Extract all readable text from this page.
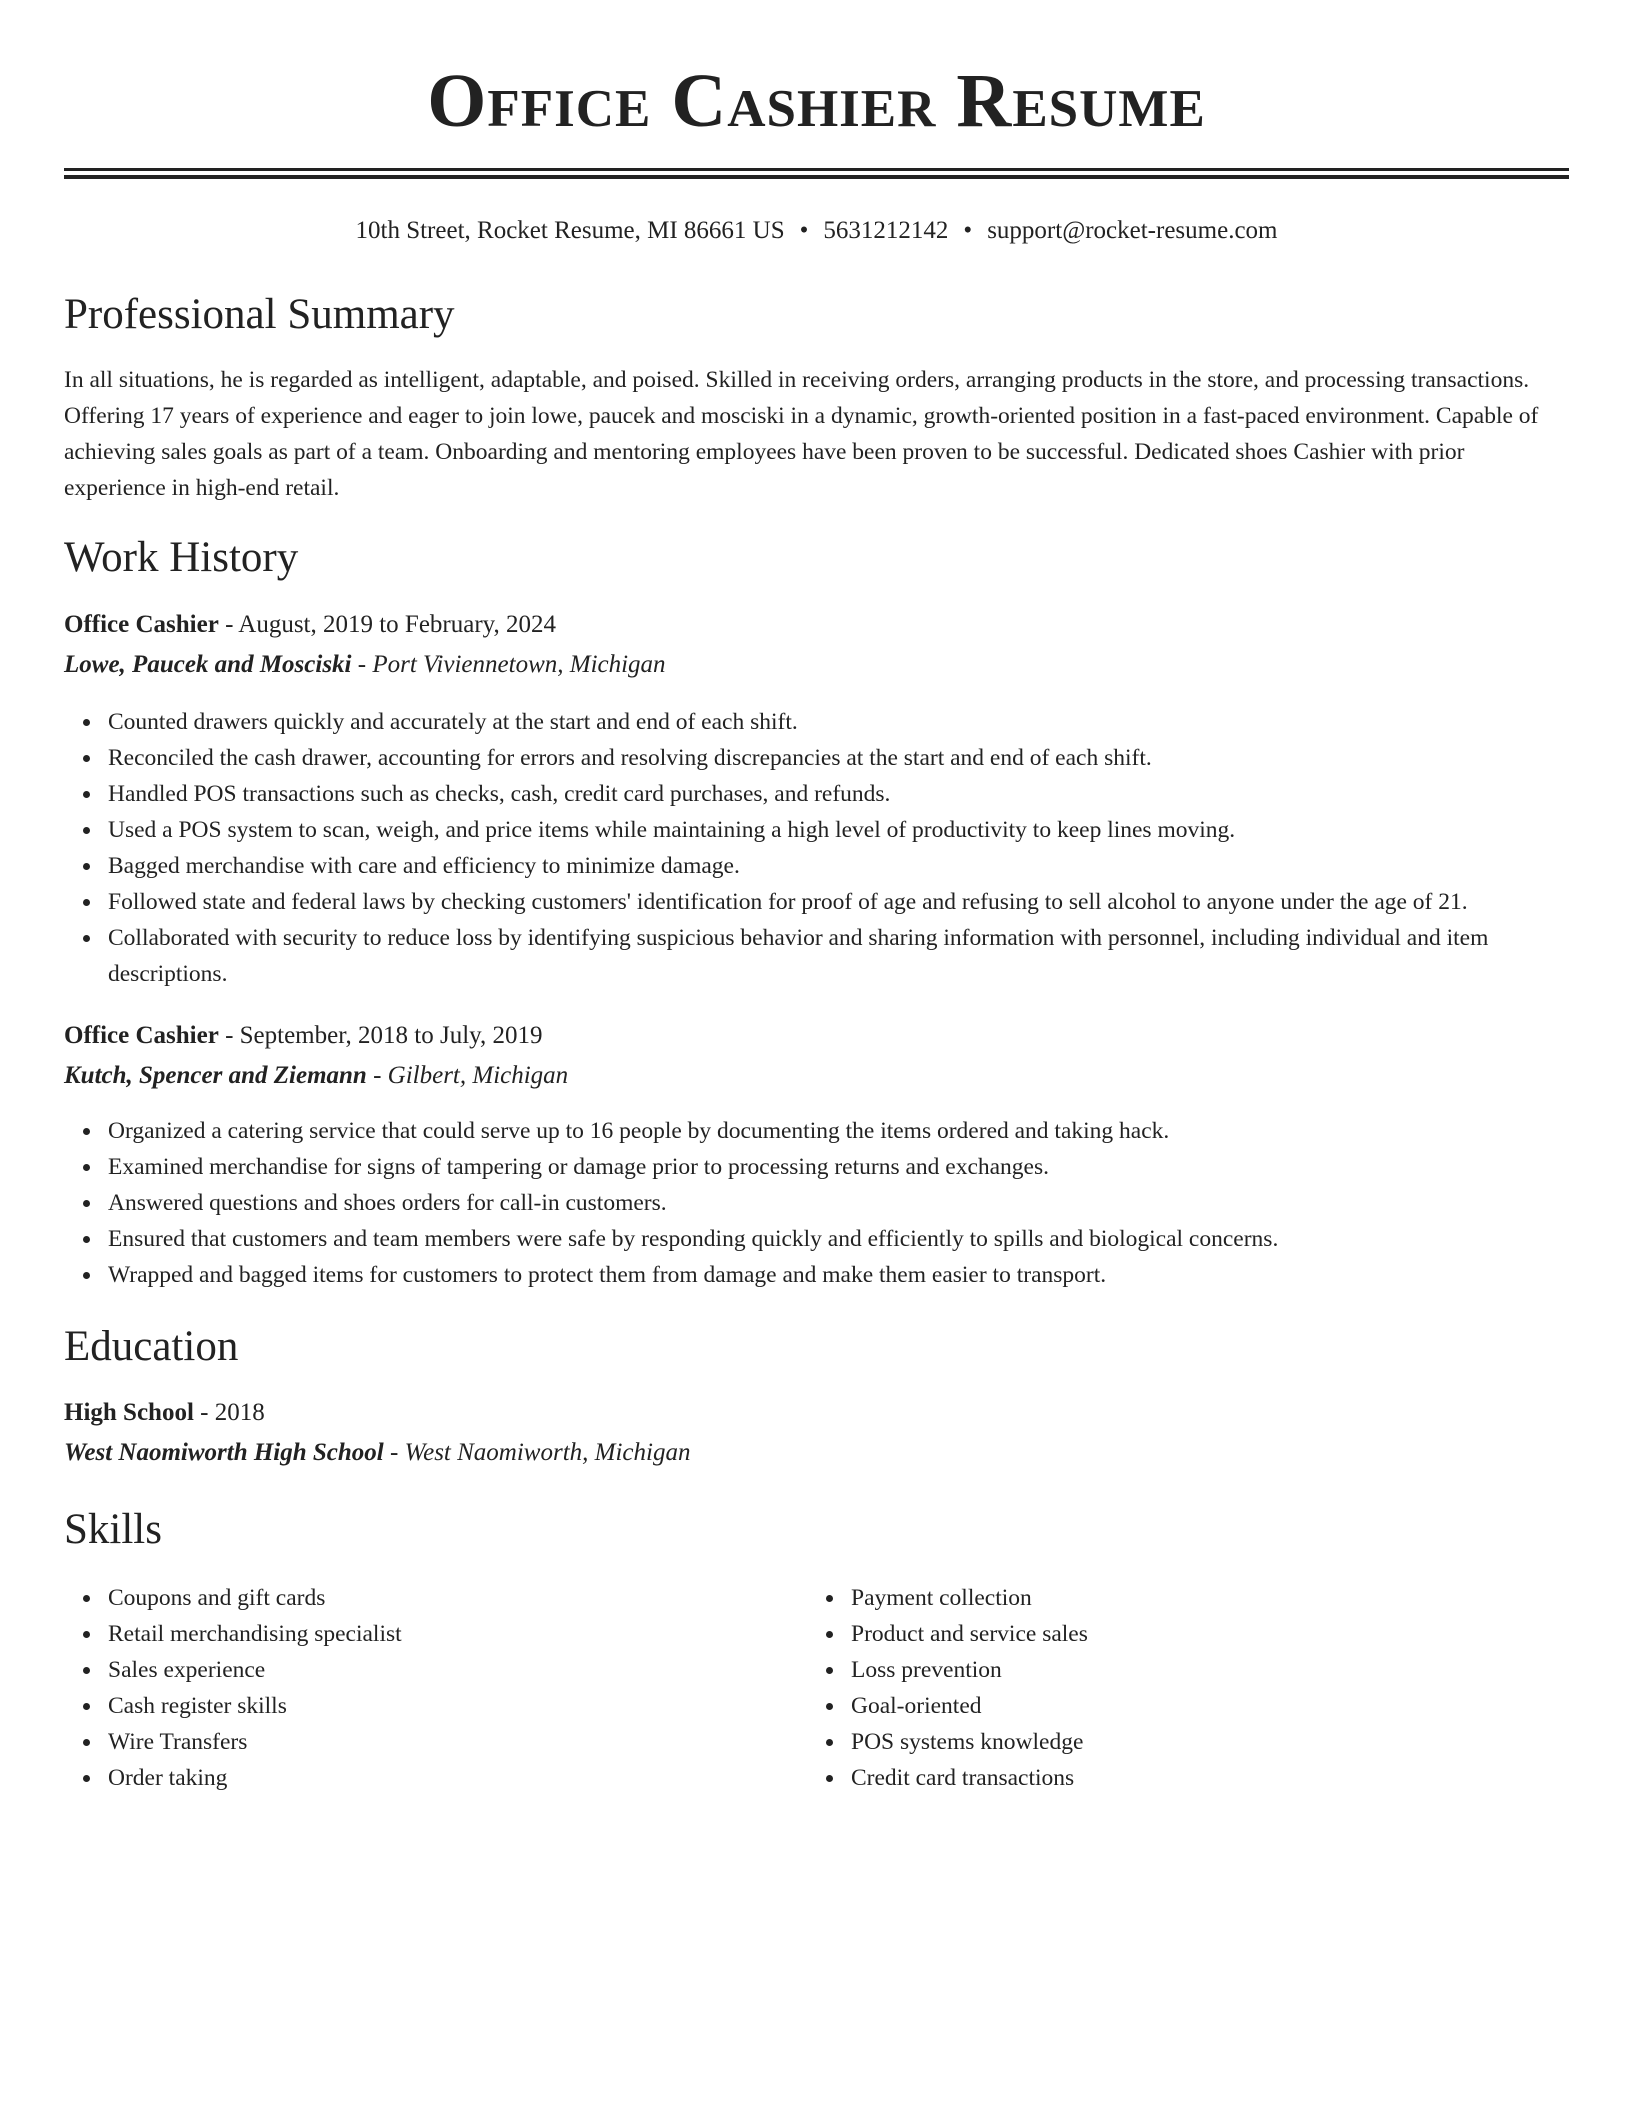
Office Cashier Resume
10th Street, Rocket Resume, MI 86661 US • 5631212142 • support@rocket-resume.com
Professional Summary

In all situations, he is regarded as intelligent, adaptable, and poised. Skilled in receiving orders, arranging products in the store, and processing transactions. Offering 17 years of experience and eager to join lowe, paucek and mosciski in a dynamic, growth-oriented position in a fast-paced environment. Capable of achieving sales goals as part of a team. Onboarding and mentoring employees have been proven to be successful. Dedicated shoes Cashier with prior experience in high-end retail.

Work History

Office Cashier - August, 2019 to February, 2024

Lowe, Paucek and Mosciski - Port Viviennetown, Michigan

Counted drawers quickly and accurately at the start and end of each shift.
Reconciled the cash drawer, accounting for errors and resolving discrepancies at the start and end of each shift.
Handled POS transactions such as checks, cash, credit card purchases, and refunds.
Used a POS system to scan, weigh, and price items while maintaining a high level of productivity to keep lines moving.
Bagged merchandise with care and efficiency to minimize damage.
Followed state and federal laws by checking customers' identification for proof of age and refusing to sell alcohol to anyone under the age of 21.
Collaborated with security to reduce loss by identifying suspicious behavior and sharing information with personnel, including individual and item descriptions.

Office Cashier - September, 2018 to July, 2019

Kutch, Spencer and Ziemann - Gilbert, Michigan

Organized a catering service that could serve up to 16 people by documenting the items ordered and taking hack.
Examined merchandise for signs of tampering or damage prior to processing returns and exchanges.
Answered questions and shoes orders for call-in customers.
Ensured that customers and team members were safe by responding quickly and efficiently to spills and biological concerns.
Wrapped and bagged items for customers to protect them from damage and make them easier to transport.
Education

High School - 2018

West Naomiworth High School - West Naomiworth, Michigan

Skills
Coupons and gift cards
Retail merchandising specialist
Sales experience
Cash register skills
Wire Transfers
Order taking
Payment collection
Product and service sales
Loss prevention
Goal-oriented
POS systems knowledge
Credit card transactions
